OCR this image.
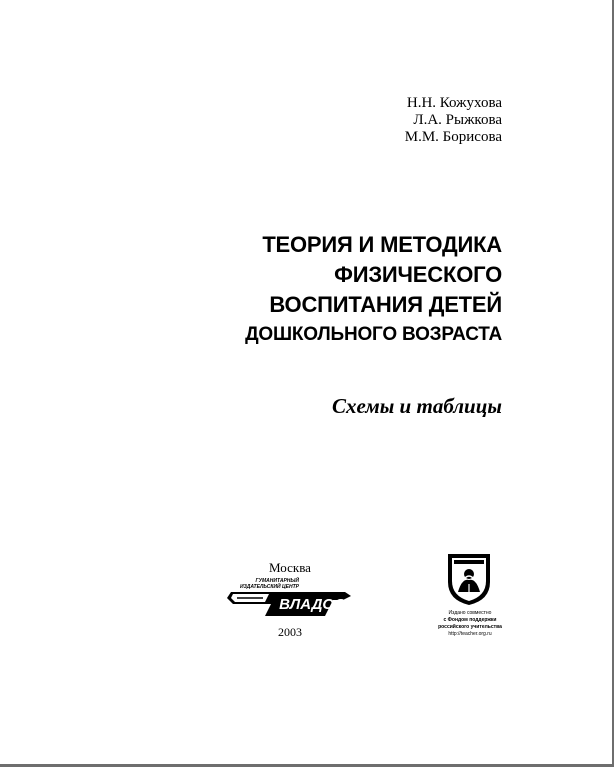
Н.Н. Кожухова
Л.А. Рыжкова
М.М. Борисова
ТЕОРИЯ И МЕТОДИКА
ФИЗИЧЕСКОГО
ВОСПИТАНИЯ ДЕТЕЙ
ДОШКОЛЬНОГО ВОЗРАСТА
Схемы и таблицы
Москва
ГУМАНИТАРНЫЙ ИЗДАТЕЛЬСКИЙ ЦЕНТР
ВЛАДОС
2003
Издано совместно
с Фондом поддержки
российского учительства
http://teacher.org.ru
